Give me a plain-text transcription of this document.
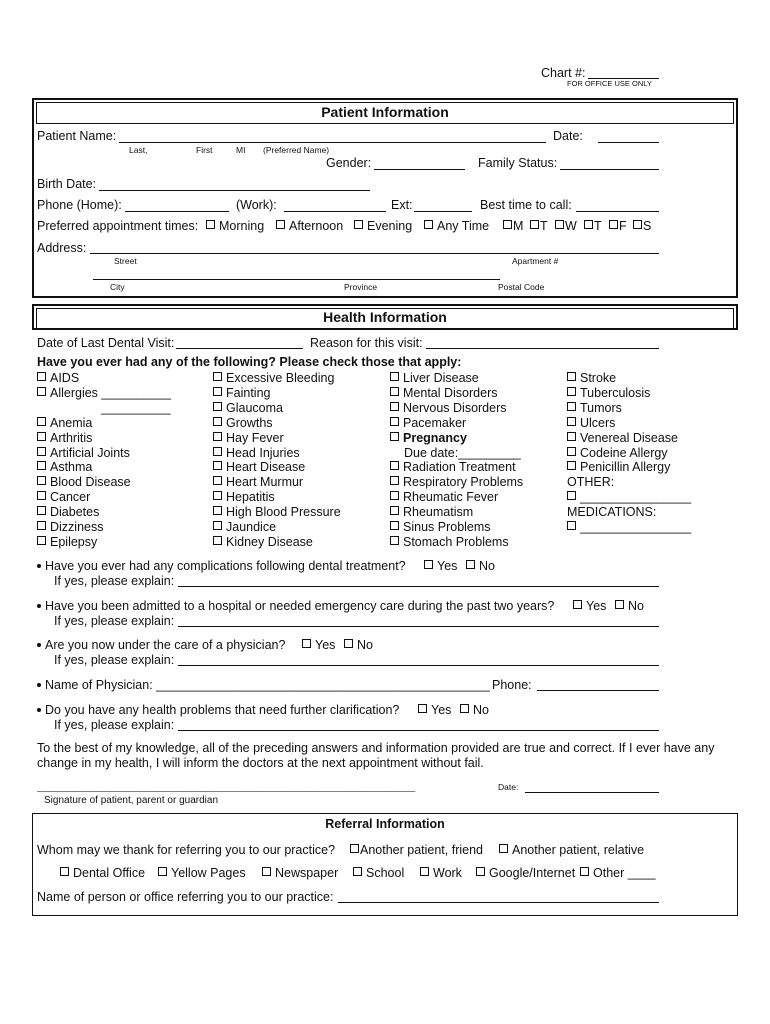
Chart #:
FOR OFFICE USE ONLY
Patient Information
Patient Name:	Date:
Last,	First	MI (Preferred Name)
Gender:	Family Status:
Birth Date:
Phone (Home):	(Work):	Ext:	Best time to call:
Preferred appointment times:	Morning	Afternoon	Evening	Any Time	M	T	W	T	F	S
Address:
Street	Apartment #
City	Province	Postal Code
Health Information
Date of Last Dental Visit:	Reason for this visit:
Have you ever had any of the following? Please check those that apply:
AIDS
Allergies __________
__________
Anemia
Arthritis
Artificial Joints
Asthma
Blood Disease
Cancer
Diabetes
Dizziness
Epilepsy
Excessive Bleeding
Fainting
Glaucoma
Growths
Hay Fever
Head Injuries
Heart Disease
Heart Murmur
Hepatitis
High Blood Pressure
Jaundice
Kidney Disease
Liver Disease
Mental Disorders
Nervous Disorders
Pacemaker
Pregnancy
Due date:_________
Radiation Treatment
Respiratory Problems
Rheumatic Fever
Rheumatism
Sinus Problems
Stomach Problems
Stroke
Tuberculosis
Tumors
Ulcers
Venereal Disease
Codeine Allergy
Penicillin Allergy
OTHER:
________________
MEDICATIONS:
________________
Have you ever had any complications following dental treatment?	Yes	No
If yes, please explain:
Have you been admitted to a hospital or needed emergency care during the past two years?	Yes	No
If yes, please explain:
Are you now under the care of a physician?	Yes	No
If yes, please explain:
Name of Physician: ________________________________________________ Phone:
Do you have any health problems that need further clarification?	Yes	No
If yes, please explain:
To the best of my knowledge, all of the preceding answers and information provided are true and correct. If I ever have any change in my health, I will inform the doctors at the next appointment without fail.
________________________________________________________________________________	Date:
Signature of patient, parent or guardian
Referral Information
Whom may we thank for referring you to our practice?	Another patient, friend	Another patient, relative
Dental Office	Yellow Pages	Newspaper	School	Work	Google/Internet	Other ____
Name of person or office referring you to our practice:
